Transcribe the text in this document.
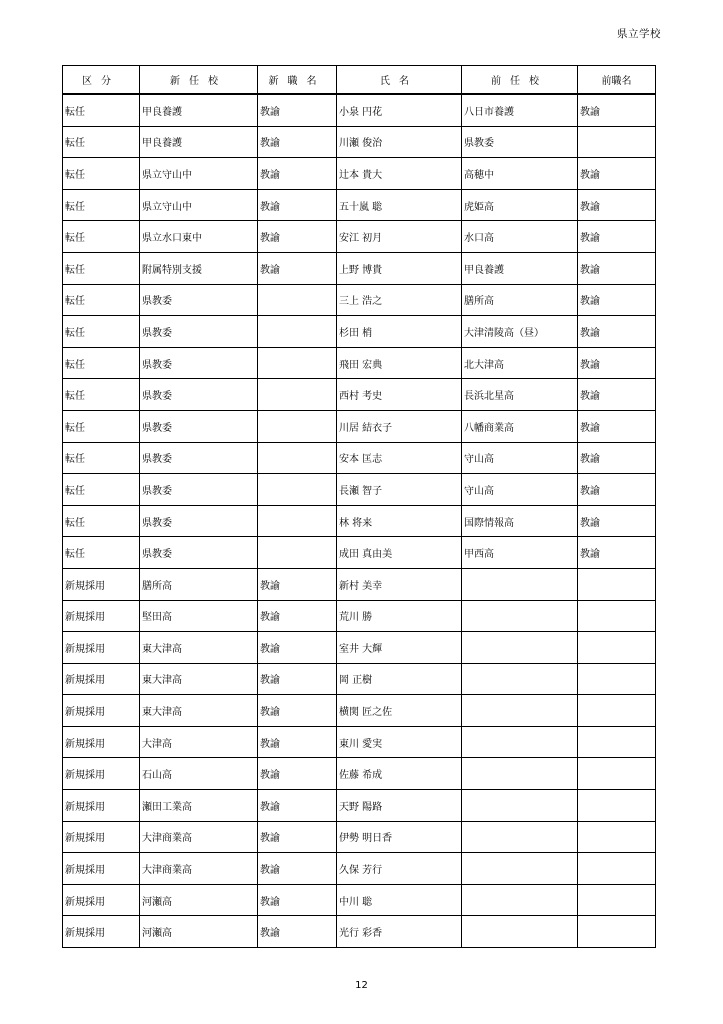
県立学校
区分	新任校	新職名	氏名	前任校	前職名
転任	甲良養護	教諭	小泉 円花	八日市養護	教諭
転任	甲良養護	教諭	川瀬 俊治	県教委	
転任	県立守山中	教諭	辻本 貴大	高穂中	教諭
転任	県立守山中	教諭	五十嵐 聡	虎姫高	教諭
転任	県立水口東中	教諭	安江 初月	水口高	教諭
転任	附属特別支援	教諭	上野 博貴	甲良養護	教諭
転任	県教委		三上 浩之	膳所高	教諭
転任	県教委		杉田 梢	大津清陵高（昼）	教諭
転任	県教委		飛田 宏典	北大津高	教諭
転任	県教委		西村 考史	長浜北星高	教諭
転任	県教委		川居 結衣子	八幡商業高	教諭
転任	県教委		安本 匡志	守山高	教諭
転任	県教委		長瀬 智子	守山高	教諭
転任	県教委		林 将来	国際情報高	教諭
転任	県教委		成田 真由美	甲西高	教諭
新規採用	膳所高	教諭	新村 美幸		
新規採用	堅田高	教諭	荒川 勝		
新規採用	東大津高	教諭	室井 大輝		
新規採用	東大津高	教諭	岡 正樹		
新規採用	東大津高	教諭	横関 匠之佐		
新規採用	大津高	教諭	東川 愛実		
新規採用	石山高	教諭	佐藤 希成		
新規採用	瀬田工業高	教諭	天野 陽路		
新規採用	大津商業高	教諭	伊勢 明日香		
新規採用	大津商業高	教諭	久保 芳行		
新規採用	河瀬高	教諭	中川 聡		
新規採用	河瀬高	教諭	光行 彩香		
12
